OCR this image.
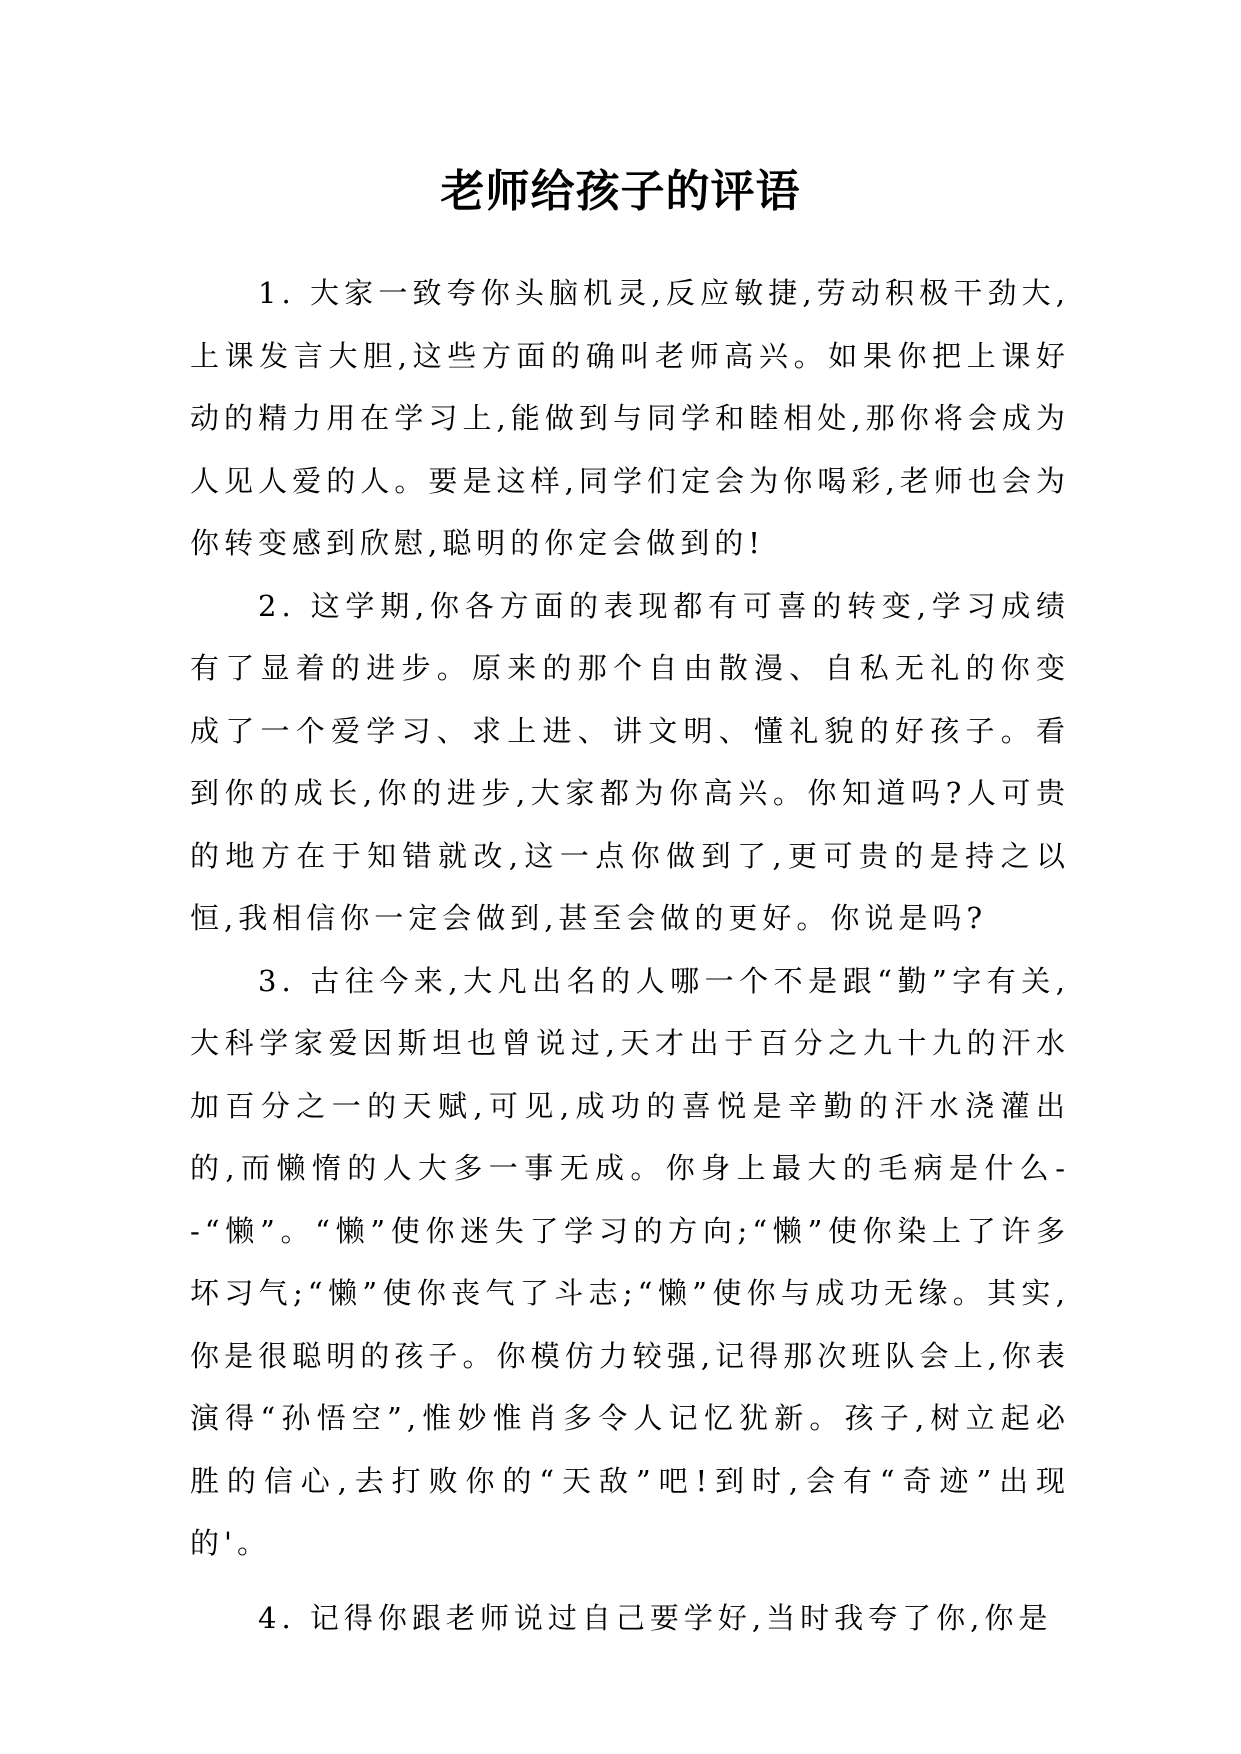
老师给孩子的评语

1. 大家一致夸你头脑机灵,反应敏捷,劳动积极干劲大,上课发言大胆,这些方面的确叫老师高兴。如果你把上课好动的精力用在学习上,能做到与同学和睦相处,那你将会成为人见人爱的人。要是这样,同学们定会为你喝彩,老师也会为你转变感到欣慰,聪明的你定会做到的!

2. 这学期,你各方面的表现都有可喜的转变,学习成绩有了显着的进步。原来的那个自由散漫、自私无礼的你变成了一个爱学习、求上进、讲文明、懂礼貌的好孩子。看到你的成长,你的进步,大家都为你高兴。你知道吗?人可贵的地方在于知错就改,这一点你做到了,更可贵的是持之以恒,我相信你一定会做到,甚至会做的更好。你说是吗?

3. 古往今来,大凡出名的人哪一个不是跟“勤”字有关,大科学家爱因斯坦也曾说过,天才出于百分之九十九的汗水加百分之一的天赋,可见,成功的喜悦是辛勤的汗水浇灌出的,而懒惰的人大多一事无成。你身上最大的毛病是什么--“懒”。“懒”使你迷失了学习的方向;“懒”使你染上了许多坏习气;“懒”使你丧气了斗志;“懒”使你与成功无缘。其实,你是很聪明的孩子。你模仿力较强,记得那次班队会上,你表演得“孙悟空”,惟妙惟肖多令人记忆犹新。孩子,树立起必胜的信心,去打败你的“天敌”吧!到时,会有“奇迹”出现的'。

4. 记得你跟老师说过自己要学好,当时我夸了你,你是
